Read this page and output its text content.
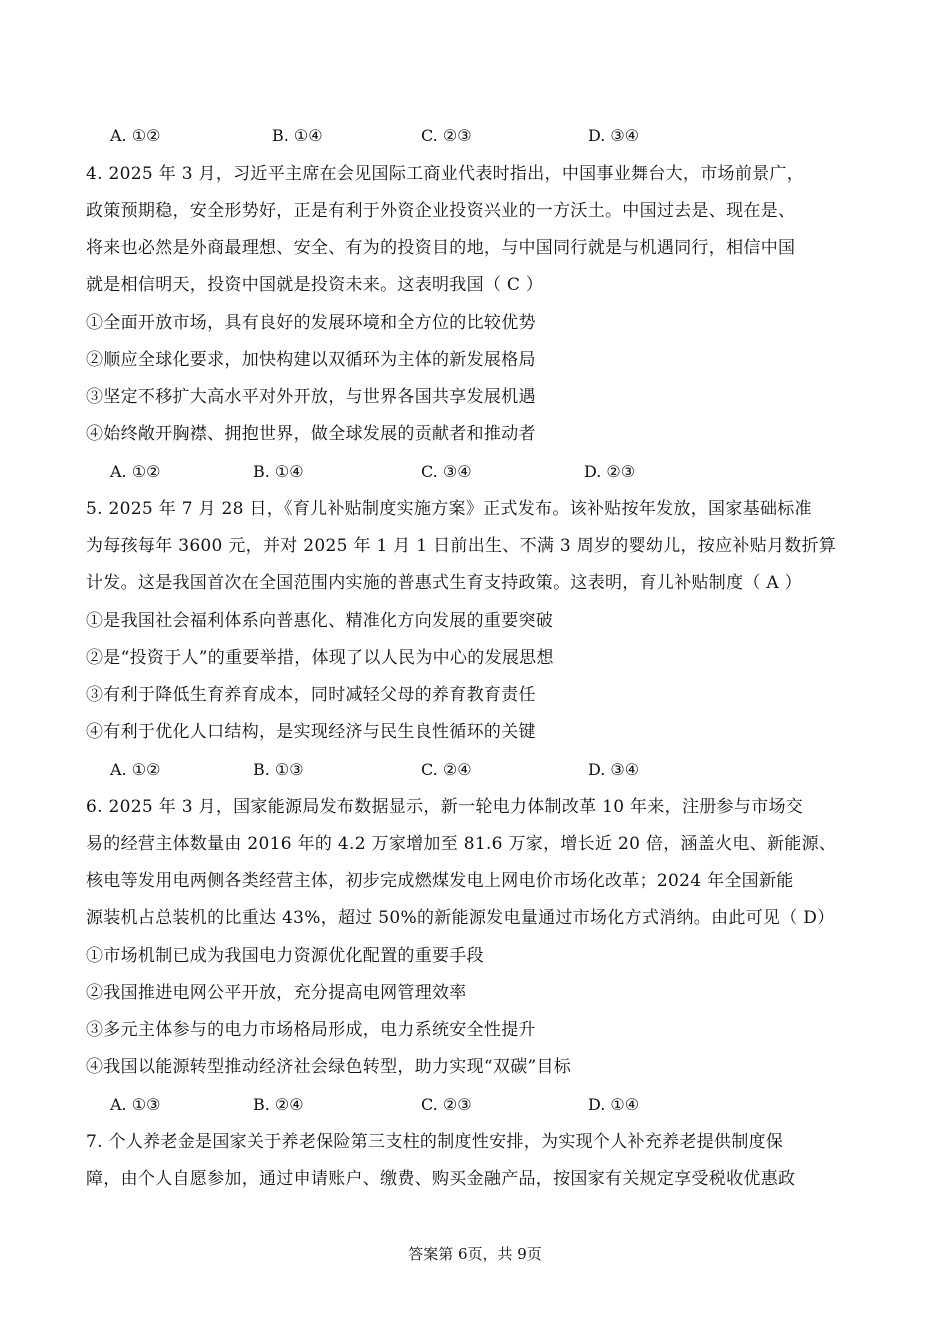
A. ①②	B. ①④	C. ②③	D. ③④
4. 2025 年 3 月，习近平主席在会见国际工商业代表时指出，中国事业舞台大，市场前景广，
政策预期稳，安全形势好，正是有利于外资企业投资兴业的一方沃土。中国过去是、现在是、
将来也必然是外商最理想、安全、有为的投资目的地，与中国同行就是与机遇同行，相信中国
就是相信明天，投资中国就是投资未来。这表明我国（ C ）
①全面开放市场，具有良好的发展环境和全方位的比较优势
②顺应全球化要求，加快构建以双循环为主体的新发展格局
③坚定不移扩大高水平对外开放，与世界各国共享发展机遇
④始终敞开胸襟、拥抱世界，做全球发展的贡献者和推动者
A. ①②	B. ①④	C. ③④	D. ②③
5. 2025 年 7 月 28 日，《育儿补贴制度实施方案》正式发布。该补贴按年发放，国家基础标准
为每孩每年 3600 元，并对 2025 年 1 月 1 日前出生、不满 3 周岁的婴幼儿，按应补贴月数折算
计发。这是我国首次在全国范围内实施的普惠式生育支持政策。这表明，育儿补贴制度（ A ）
①是我国社会福利体系向普惠化、精准化方向发展的重要突破
②是“投资于人”的重要举措，体现了以人民为中心的发展思想
③有利于降低生育养育成本，同时减轻父母的养育教育责任
④有利于优化人口结构，是实现经济与民生良性循环的关键
A. ①②	B. ①③	C. ②④	D. ③④
6. 2025 年 3 月，国家能源局发布数据显示，新一轮电力体制改革 10 年来，注册参与市场交
易的经营主体数量由 2016 年的 4.2 万家增加至 81.6 万家，增长近 20 倍，涵盖火电、新能源、
核电等发用电两侧各类经营主体，初步完成燃煤发电上网电价市场化改革；2024 年全国新能
源装机占总装机的比重达 43%，超过 50%的新能源发电量通过市场化方式消纳。由此可见（ D）
①市场机制已成为我国电力资源优化配置的重要手段
②我国推进电网公平开放，充分提高电网管理效率
③多元主体参与的电力市场格局形成，电力系统安全性提升
④我国以能源转型推动经济社会绿色转型，助力实现“双碳”目标
A. ①③	B. ②④	C. ②③	D. ①④
7. 个人养老金是国家关于养老保险第三支柱的制度性安排，为实现个人补充养老提供制度保
障，由个人自愿参加，通过申请账户、缴费、购买金融产品，按国家有关规定享受税收优惠政
答案第 6页，共 9页
